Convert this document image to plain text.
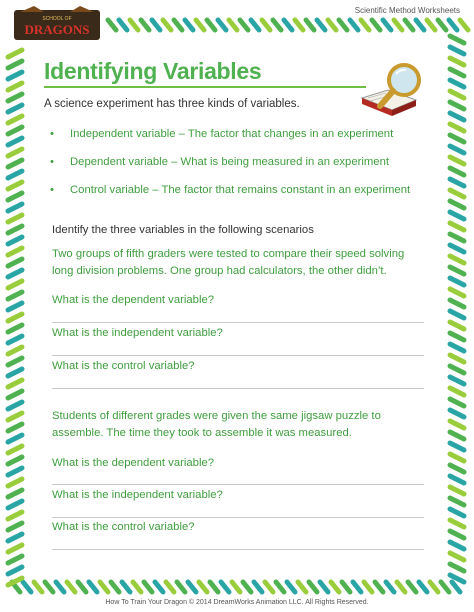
Scientific Method Worksheets
SCHOOL OF
DRAGONS
Identifying Variables
A science experiment has three kinds of variables.
• Independent variable – The factor that changes in an experiment
• Dependent variable – What is being measured in an experiment
• Control variable – The factor that remains constant in an experiment
Identify the three variables in the following scenarios
Two groups of fifth graders were tested to compare their speed solving
long division problems. One group had calculators, the other didn’t.
What is the dependent variable?
What is the independent variable?
What is the control variable?
Students of different grades were given the same jigsaw puzzle to
assemble. The time they took to assemble it was measured.
What is the dependent variable?
What is the independent variable?
What is the control variable?
How To Train Your Dragon © 2014 DreamWorks Animation LLC. All Rights Reserved.
